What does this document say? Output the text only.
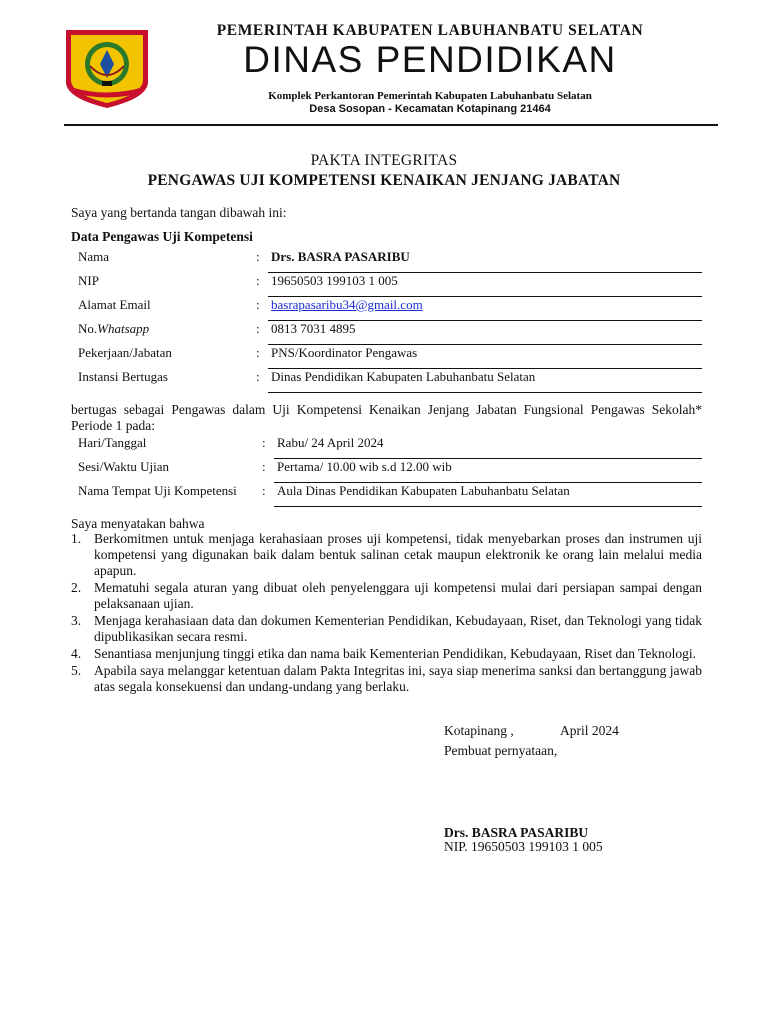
PEMERINTAH KABUPATEN LABUHANBATU SELATAN
DINAS PENDIDIKAN
Komplek Perkantoran Pemerintah Kabupaten Labuhanbatu Selatan
Desa Sosopan - Kecamatan Kotapinang 21464
PAKTA INTEGRITAS
PENGAWAS UJI KOMPETENSI KENAIKAN JENJANG JABATAN
Saya yang bertanda tangan dibawah ini:
Data Pengawas Uji Kompetensi
Nama	: Drs. BASRA PASARIBU
NIP	: 19650503 199103 1 005
Alamat Email	: basrapasaribu34@gmail.com
No.Whatsapp	: 0813 7031 4895
Pekerjaan/Jabatan	: PNS/Koordinator Pengawas
Instansi Bertugas	: Dinas Pendidikan Kabupaten Labuhanbatu Selatan
bertugas sebagai Pengawas dalam Uji Kompetensi Kenaikan Jenjang Jabatan Fungsional Pengawas Sekolah* Periode 1 pada:
Hari/Tanggal	: Rabu/ 24 April 2024
Sesi/Waktu Ujian	: Pertama/ 10.00 wib s.d 12.00 wib
Nama Tempat Uji Kompetensi : Aula Dinas Pendidikan Kabupaten Labuhanbatu Selatan
Saya menyatakan bahwa
1. Berkomitmen untuk menjaga kerahasiaan proses uji kompetensi, tidak menyebarkan proses dan instrumen uji kompetensi yang digunakan baik dalam bentuk salinan cetak maupun elektronik ke orang lain melalui media apapun.
2. Mematuhi segala aturan yang dibuat oleh penyelenggara uji kompetensi mulai dari persiapan sampai dengan pelaksanaan ujian.
3. Menjaga kerahasiaan data dan dokumen Kementerian Pendidikan, Kebudayaan, Riset, dan Teknologi yang tidak dipublikasikan secara resmi.
4. Senantiasa menjunjung tinggi etika dan nama baik Kementerian Pendidikan, Kebudayaan, Riset dan Teknologi.
5. Apabila saya melanggar ketentuan dalam Pakta Integritas ini, saya siap menerima sanksi dan bertanggung jawab atas segala konsekuensi dan undang-undang yang berlaku.
Kotapinang ,	April 2024
Pembuat pernyataan,
Drs. BASRA PASARIBU
NIP. 19650503 199103 1 005
